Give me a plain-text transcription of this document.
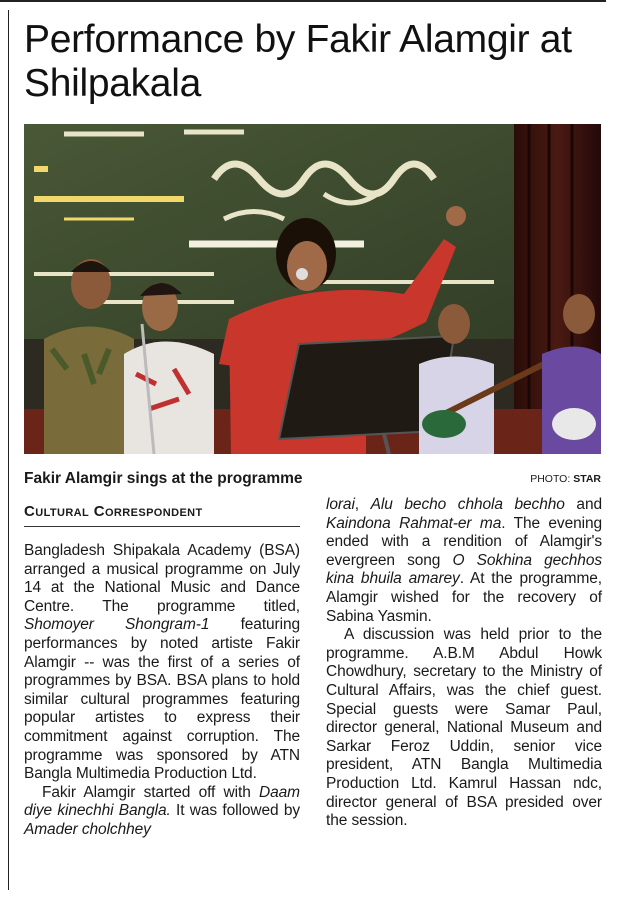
Performance by Fakir Alamgir at Shilpakala
Fakir Alamgir sings at the programme	PHOTO: STAR
Cultural Correspondent

Bangladesh Shipakala Academy (BSA) arranged a musical programme on July 14 at the National Music and Dance Centre. The programme titled, Shomoyer Shongram-1 featuring performances by noted artiste Fakir Alamgir -- was the first of a series of programmes by BSA. BSA plans to hold similar cultural programmes featuring popular artistes to express their commitment against corruption. The programme was sponsored by ATN Bangla Multimedia Production Ltd.

Fakir Alamgir started off with Daam diye kinechhi Bangla. It was followed by Amader cholchhey

lorai, Alu becho chhola bechho and Kaindona Rahmat-er ma. The evening ended with a rendition of Alamgir's evergreen song O Sokhina gechhos kina bhuila amarey. At the programme, Alamgir wished for the recovery of Sabina Yasmin.

A discussion was held prior to the programme. A.B.M Abdul Howk Chowdhury, secretary to the Ministry of Cultural Affairs, was the chief guest. Special guests were Samar Paul, director general, National Museum and Sarkar Feroz Uddin, senior vice president, ATN Bangla Multimedia Production Ltd. Kamrul Hassan ndc, director general of BSA presided over the session.
